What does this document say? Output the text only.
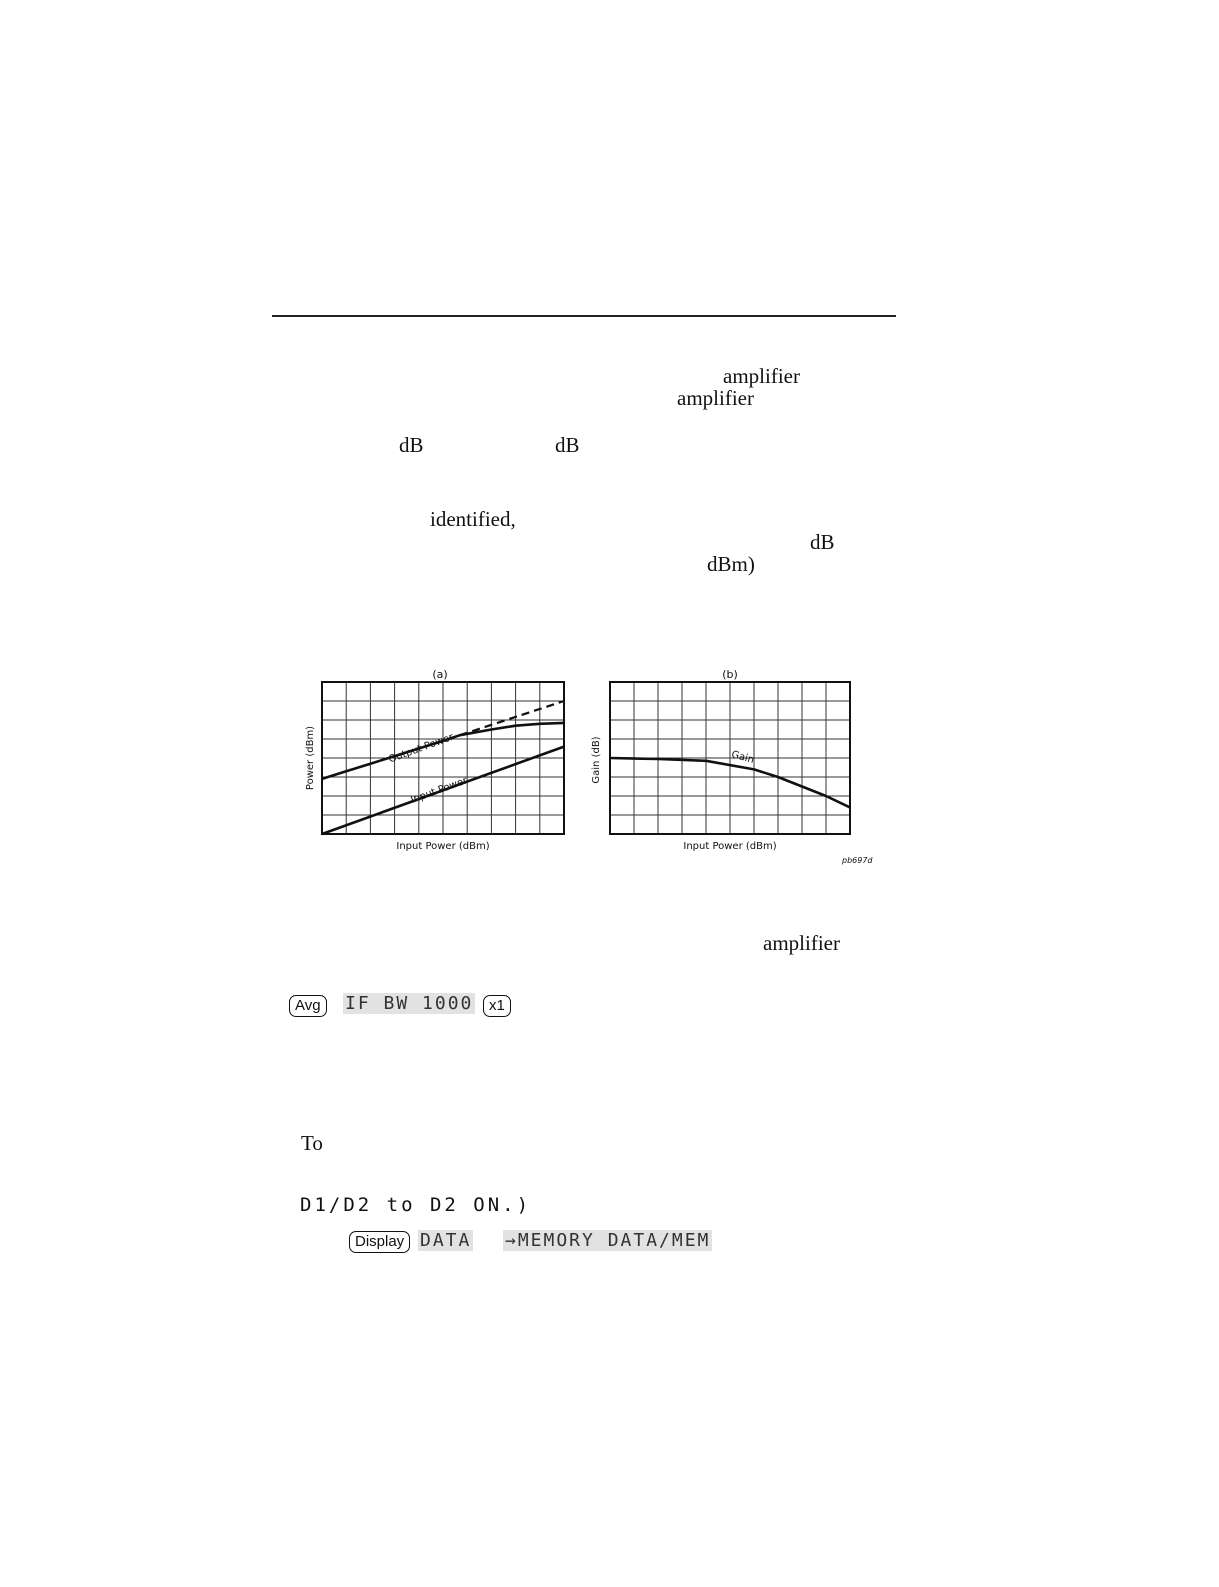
amplifier
amplifier
dB	dB
identified,
dB
dBm)
(a)
Input Power (dBm)
Power (dBm)	Output Power
Input Power
(b)
Input Power (dBm)
Gain (dB)	Gain
pb697d
amplifier
Avg	IF BW 1000	x1
To
D1/D2 to D2 ON.)
Display DATA →MEMORY DATA/MEM
